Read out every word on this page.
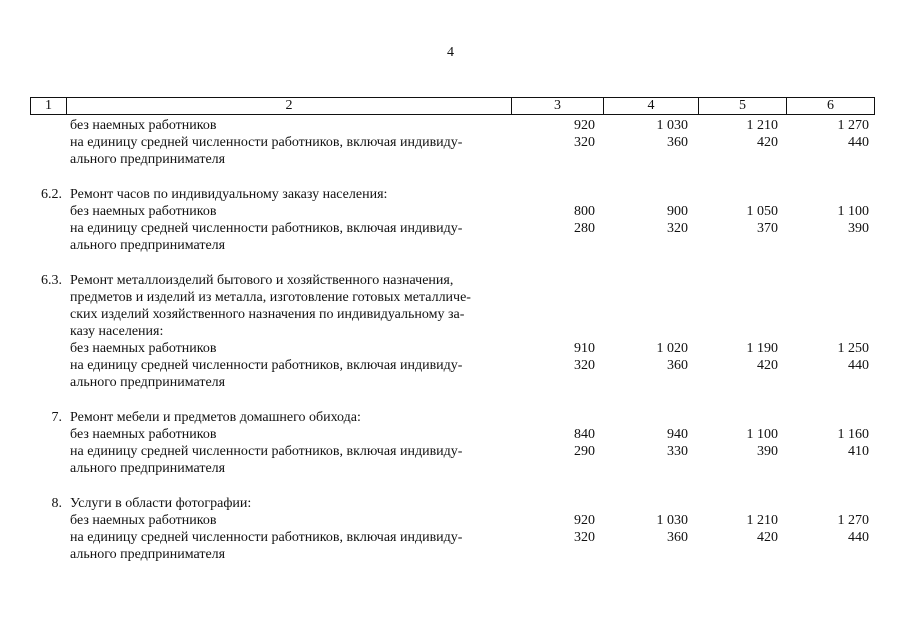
4
1	2	3	4	5	6
без наемных работников	920	1 030	1 210	1 270
на единицу средней численности работников, включая индивиду-	320	360	420	440
ального предпринимателя
6.2. Ремонт часов по индивидуальному заказу населения:
без наемных работников	800	900	1 050	1 100
на единицу средней численности работников, включая индивиду-	280	320	370	390
ального предпринимателя
6.3. Ремонт металлоизделий бытового и хозяйственного назначения,
предметов и изделий из металла, изготовление готовых металличе-
ских изделий хозяйственного назначения по индивидуальному за-
казу населения:
без наемных работников	910	1 020	1 190	1 250
на единицу средней численности работников, включая индивиду-	320	360	420	440
ального предпринимателя
7. Ремонт мебели и предметов домашнего обихода:
без наемных работников	840	940	1 100	1 160
на единицу средней численности работников, включая индивиду-	290	330	390	410
ального предпринимателя
8. Услуги в области фотографии:
без наемных работников	920	1 030	1 210	1 270
на единицу средней численности работников, включая индивиду-	320	360	420	440
ального предпринимателя
